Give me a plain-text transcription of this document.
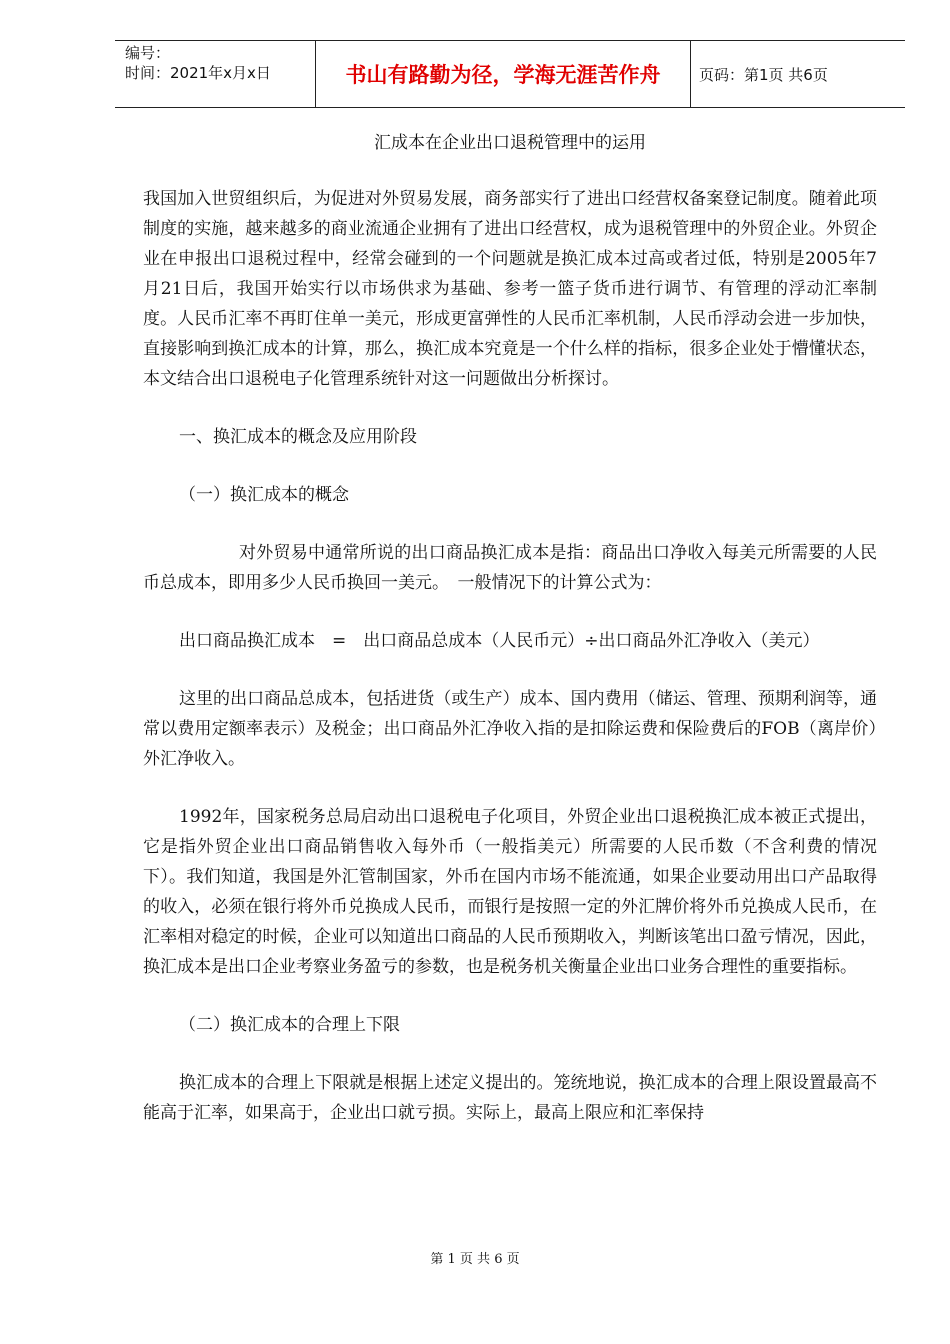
编号：
时间：2021年x月x日	书山有路勤为径，学海无涯苦作舟	页码：第1页 共6页
汇成本在企业出口退税管理中的运用
我国加入世贸组织后，为促进对外贸易发展，商务部实行了进出口经营权备案登记制度。随着此项制度的实施，越来越多的商业流通企业拥有了进出口经营权，成为退税管理中的外贸企业。外贸企业在申报出口退税过程中，经常会碰到的一个问题就是换汇成本过高或者过低，特别是2005年7月21日后，我国开始实行以市场供求为基础、参考一篮子货币进行调节、有管理的浮动汇率制度。人民币汇率不再盯住单一美元，形成更富弹性的人民币汇率机制，人民币浮动会进一步加快，直接影响到换汇成本的计算，那么，换汇成本究竟是一个什么样的指标，很多企业处于懵懂状态，本文结合出口退税电子化管理系统针对这一问题做出分析探讨。
一、换汇成本的概念及应用阶段
（一）换汇成本的概念
对外贸易中通常所说的出口商品换汇成本是指：商品出口净收入每美元所需要的人民币总成本，即用多少人民币换回一美元。　一般情况下的计算公式为：
出口商品换汇成本　=　出口商品总成本（人民币元）÷出口商品外汇净收入（美元）
这里的出口商品总成本，包括进货（或生产）成本、国内费用（储运、管理、预期利润等，通常以费用定额率表示）及税金；出口商品外汇净收入指的是扣除运费和保险费后的FOB（离岸价）外汇净收入。
1992年，国家税务总局启动出口退税电子化项目，外贸企业出口退税换汇成本被正式提出，它是指外贸企业出口商品销售收入每外币（一般指美元）所需要的人民币数（不含利费的情况下）。我们知道，我国是外汇管制国家，外币在国内市场不能流通，如果企业要动用出口产品取得的收入，必须在银行将外币兑换成人民币，而银行是按照一定的外汇牌价将外币兑换成人民币，在汇率相对稳定的时候，企业可以知道出口商品的人民币预期收入，判断该笔出口盈亏情况，因此，换汇成本是出口企业考察业务盈亏的参数，也是税务机关衡量企业出口业务合理性的重要指标。
（二）换汇成本的合理上下限
换汇成本的合理上下限就是根据上述定义提出的。笼统地说，换汇成本的合理上限设置最高不能高于汇率，如果高于，企业出口就亏损。实际上，最高上限应和汇率保持
第 1 页 共 6 页
